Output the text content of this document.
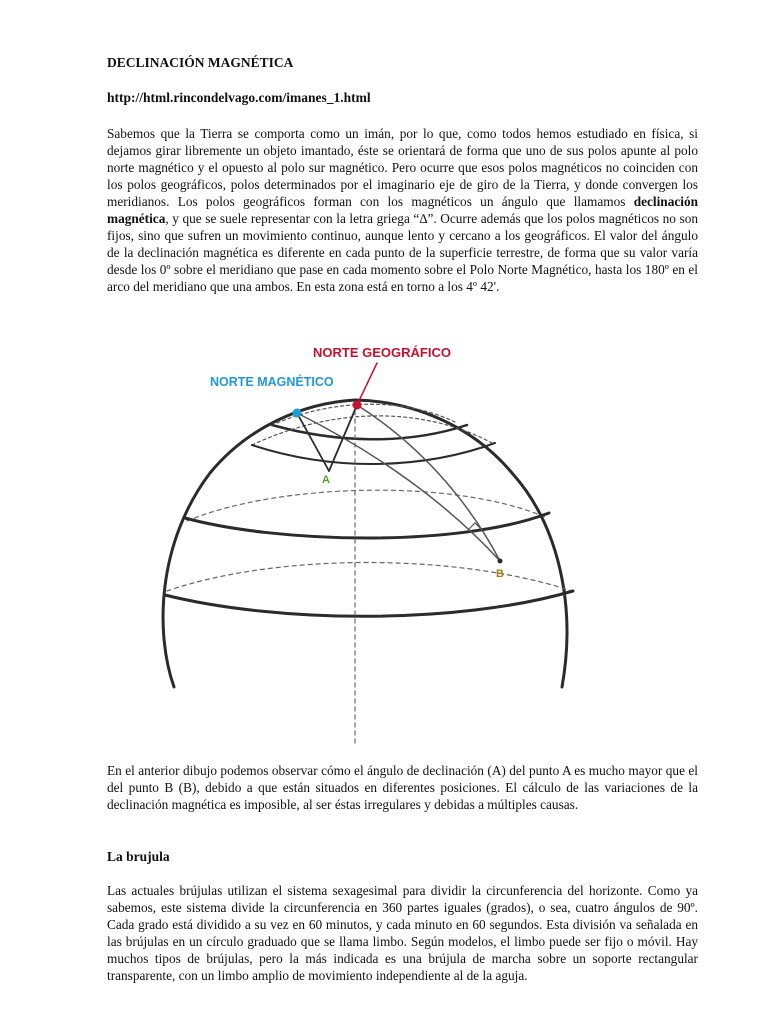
DECLINACIÓN MAGNÉTICA

http://html.rincondelvago.com/imanes_1.html

Sabemos que la Tierra se comporta como un imán, por lo que, como todos hemos estudiado en física, si dejamos girar libremente un objeto imantado, éste se orientará de forma que uno de sus polos apunte al polo norte magnético y el opuesto al polo sur magnético. Pero ocurre que esos polos magnéticos no coinciden con los polos geográficos, polos determinados por el imaginario eje de giro de la Tierra, y donde convergen los meridianos. Los polos geográficos forman con los magnéticos un ángulo que llamamos declinación magnética, y que se suele representar con la letra griega “∆”. Ocurre además que los polos magnéticos no son fijos, sino que sufren un movimiento continuo, aunque lento y cercano a los geográficos. El valor del ángulo de la declinación magnética es diferente en cada punto de la superficie terrestre, de forma que su valor varía desde los 0º sobre el meridiano que pase en cada momento sobre el Polo Norte Magnético, hasta los 180º en el arco del meridiano que una ambos. En esta zona está en torno a los 4º 42'.

NORTE GEOGRÁFICO
NORTE MAGNÉTICO
A
B

En el anterior dibujo podemos observar cómo el ángulo de declinación (A) del punto A es mucho mayor que el del punto B (B), debido a que están situados en diferentes posiciones. El cálculo de las variaciones de la declinación magnética es imposible, al ser éstas irregulares y debidas a múltiples causas.

La brujula

Las actuales brújulas utilizan el sistema sexagesimal para dividir la circunferencia del horizonte. Como ya sabemos, este sistema divide la circunferencia en 360 partes iguales (grados), o sea, cuatro ángulos de 90º. Cada grado está dividido a su vez en 60 minutos, y cada minuto en 60 segundos. Esta división va señalada en las brújulas en un círculo graduado que se llama limbo. Según modelos, el limbo puede ser fijo o móvil. Hay muchos tipos de brújulas, pero la más indicada es una brújula de marcha sobre un soporte rectangular transparente, con un limbo amplio de movimiento independiente al de la aguja.
